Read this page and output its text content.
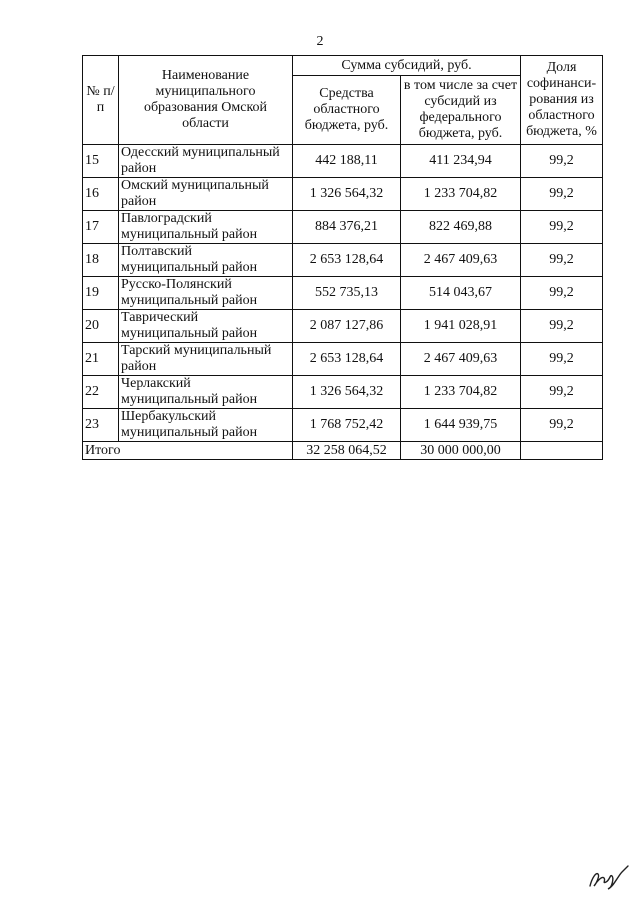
2
№ п/п	Наименование муниципального образования Омской области	Сумма субсидий, руб.		Доля софинанси-рования из областного бюджета, %
		Средства областного бюджета, руб.	в том числе за счет субсидий из федерального бюджета, руб.	
15	Одесский муниципальный район	442 188,11	411 234,94	99,2
16	Омский муниципальный район	1 326 564,32	1 233 704,82	99,2
17	Павлоградский муниципальный район	884 376,21	822 469,88	99,2
18	Полтавский муниципальный район	2 653 128,64	2 467 409,63	99,2
19	Русско-Полянский муниципальный район	552 735,13	514 043,67	99,2
20	Таврический муниципальный район	2 087 127,86	1 941 028,91	99,2
21	Тарский муниципальный район	2 653 128,64	2 467 409,63	99,2
22	Черлакский муниципальный район	1 326 564,32	1 233 704,82	99,2
23	Шербакульский муниципальный район	1 768 752,42	1 644 939,75	99,2
Итого		32 258 064,52	30 000 000,00	
